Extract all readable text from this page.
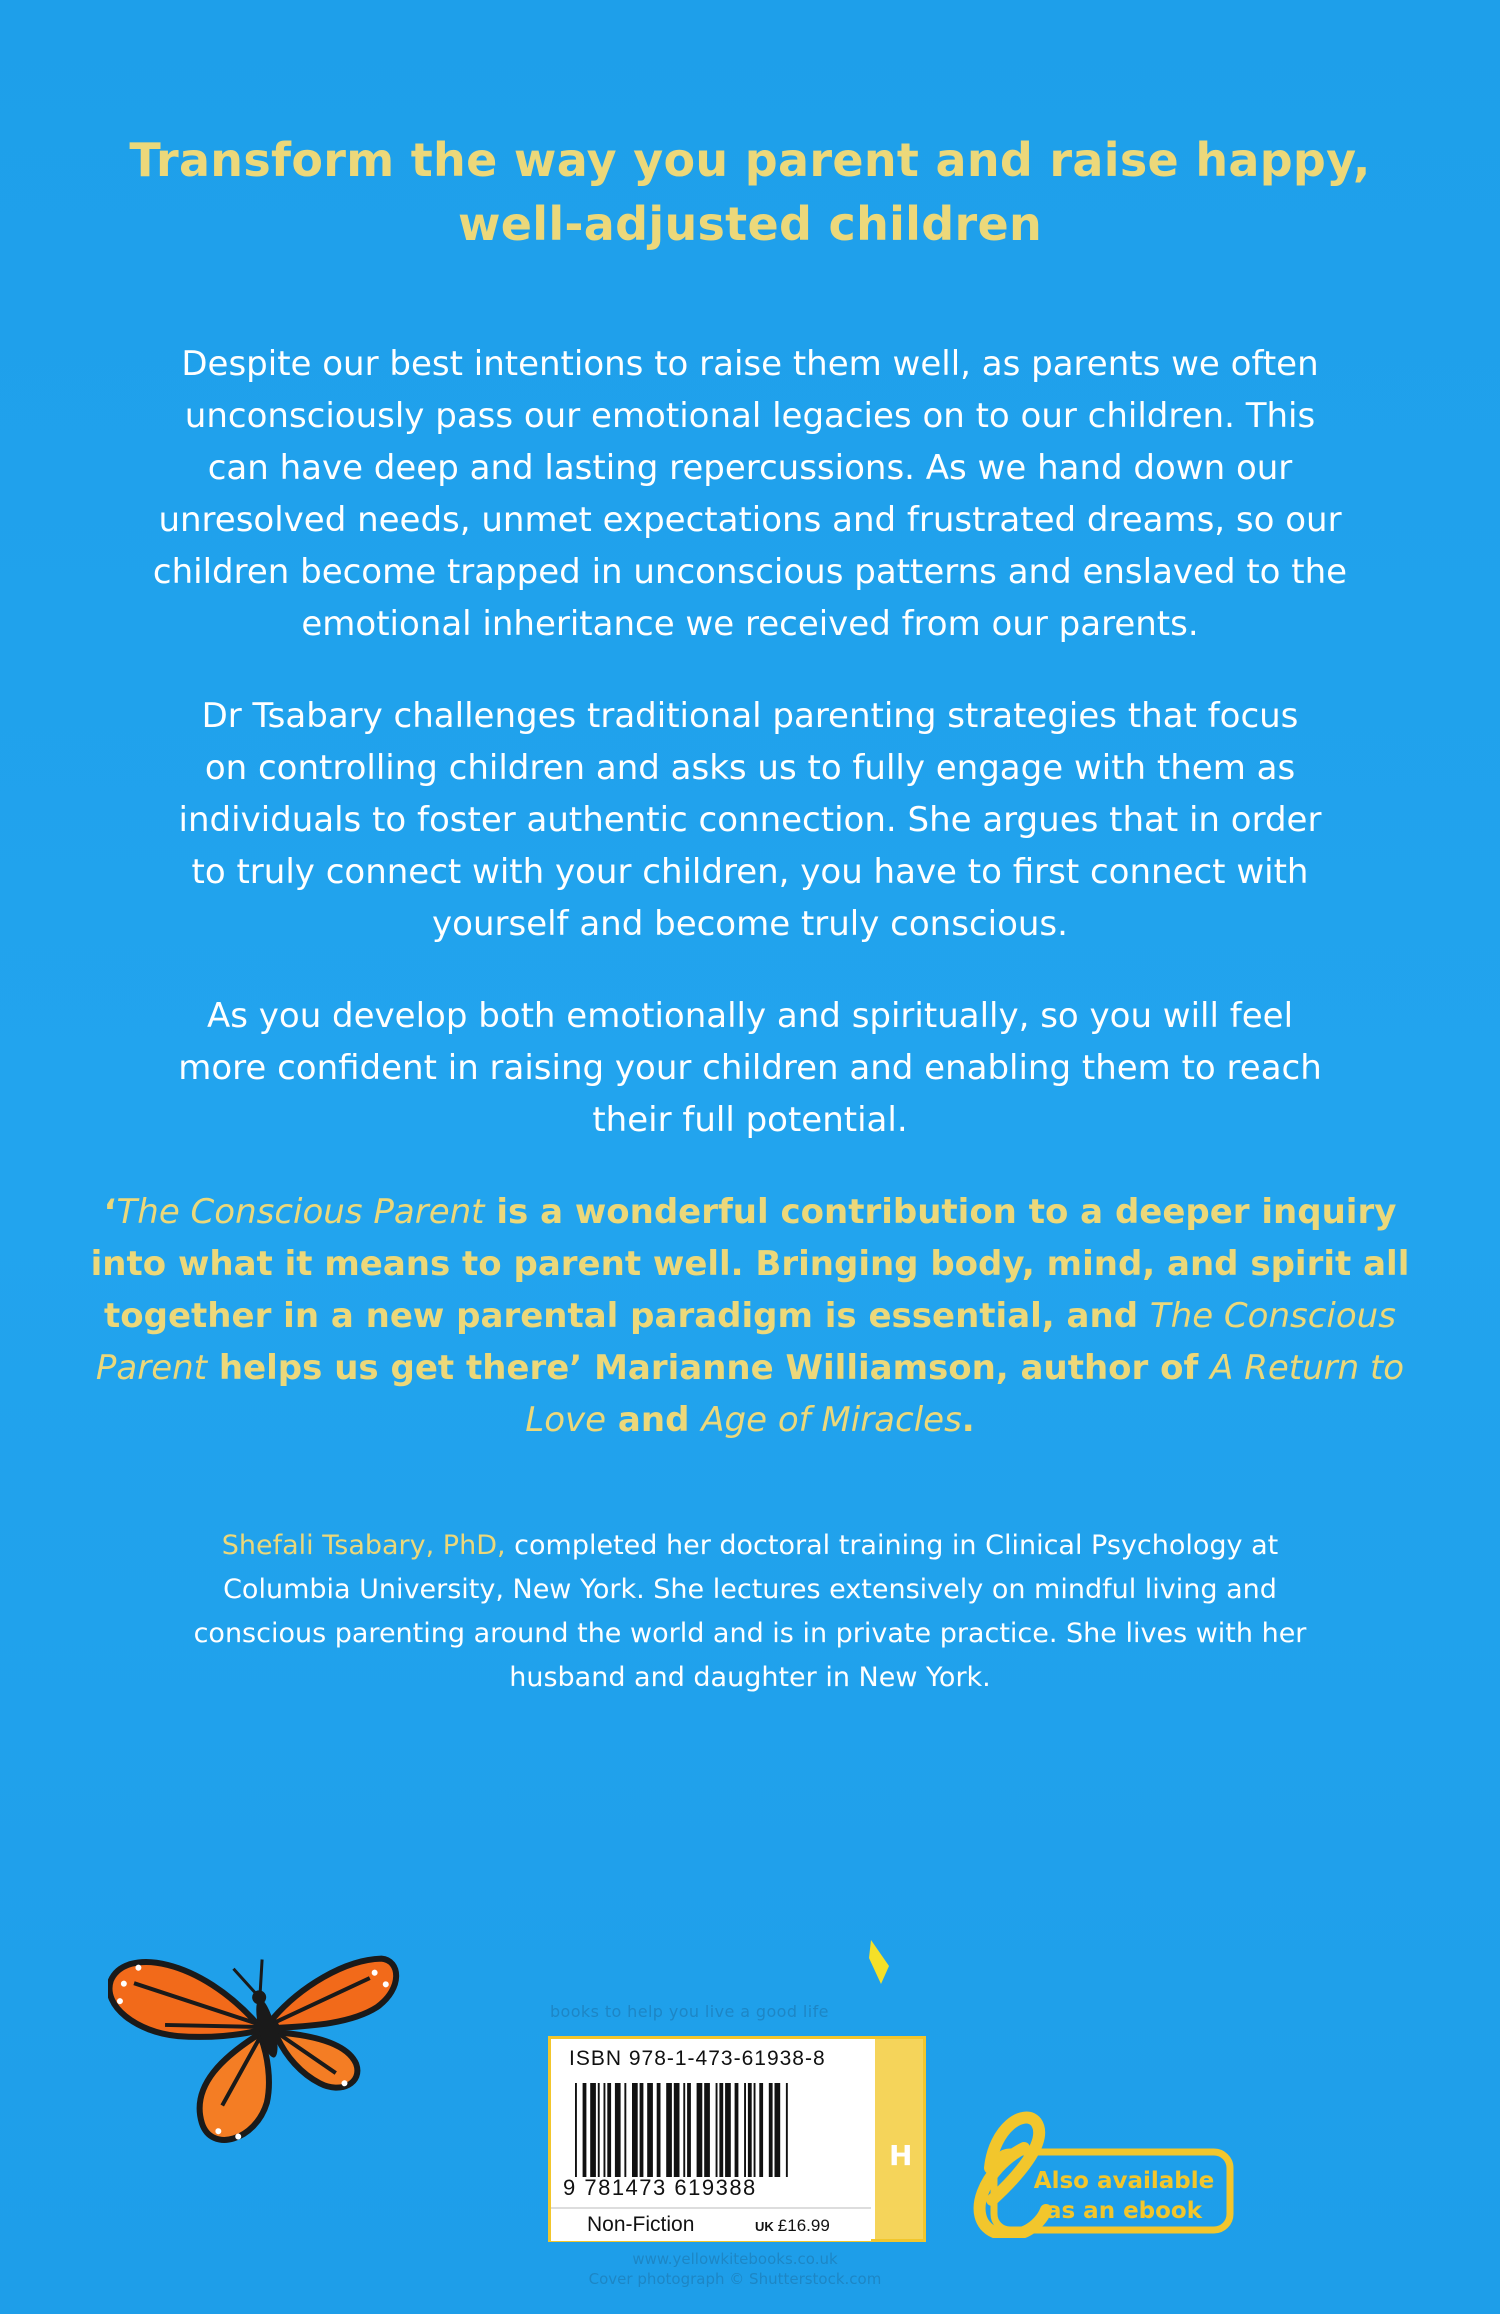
Transform the way you parent and raise happy,
well-adjusted children
Despite our best intentions to raise them well, as parents we often
unconsciously pass our emotional legacies on to our children. This
can have deep and lasting repercussions. As we hand down our
unresolved needs, unmet expectations and frustrated dreams, so our
children become trapped in unconscious patterns and enslaved to the
emotional inheritance we received from our parents.
Dr Tsabary challenges traditional parenting strategies that focus
on controlling children and asks us to fully engage with them as
individuals to foster authentic connection. She argues that in order
to truly connect with your children, you have to first connect with
yourself and become truly conscious.
As you develop both emotionally and spiritually, so you will feel
more confident in raising your children and enabling them to reach
their full potential.
‘The Conscious Parent is a wonderful contribution to a deeper inquiry
into what it means to parent well. Bringing body, mind, and spirit all
together in a new parental paradigm is essential, and The Conscious
Parent helps us get there’ Marianne Williamson, author of A Return to
Love and Age of Miracles.
Shefali Tsabary, PhD, completed her doctoral training in Clinical Psychology at
Columbia University, New York. She lectures extensively on mindful living and
conscious parenting around the world and is in private practice. She lives with her
husband and daughter in New York.
books to help you live a good life
ISBN 978-1-473-61938-8
9 781473 619388
Non-Fiction	UK £16.99
H
Also available
as an ebook
www.yellowkitebooks.co.uk
Cover photograph © Shutterstock.com
